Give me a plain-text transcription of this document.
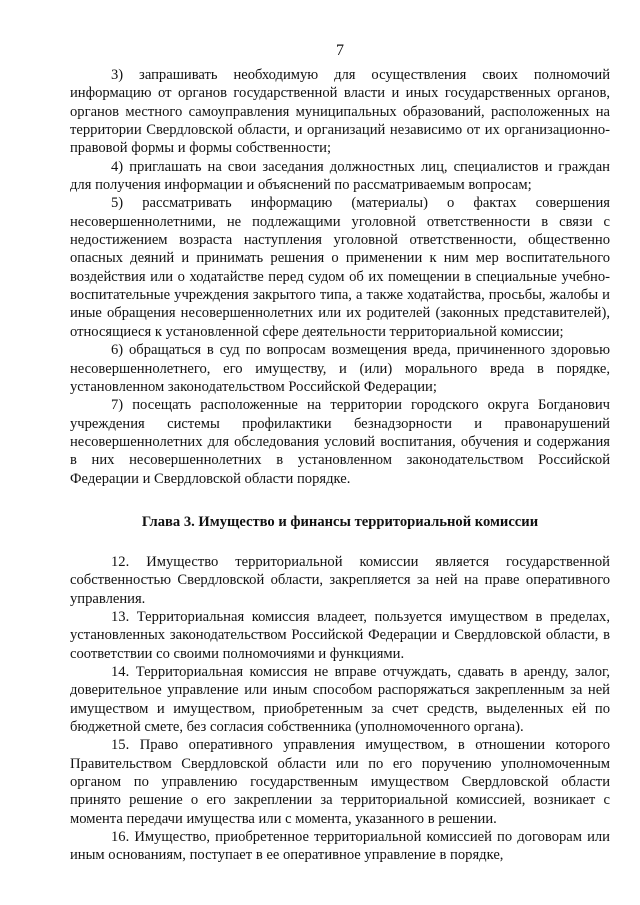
7

3) запрашивать необходимую для осуществления своих полномочий информацию от органов государственной власти и иных государственных органов, органов местного самоуправления муниципальных образований, расположенных на территории Свердловской области, и организаций независимо от их организационно-правовой формы и формы собственности;

4) приглашать на свои заседания должностных лиц, специалистов и граждан для получения информации и объяснений по рассматриваемым вопросам;

5) рассматривать информацию (материалы) о фактах совершения несовершеннолетними, не подлежащими уголовной ответственности в связи с недостижением возраста наступления уголовной ответственности, общественно опасных деяний и принимать решения о применении к ним мер воспитательного воздействия или о ходатайстве перед судом об их помещении в специальные учебно-воспитательные учреждения закрытого типа, а также ходатайства, просьбы, жалобы и иные обращения несовершеннолетних или их родителей (законных представителей), относящиеся к установленной сфере деятельности территориальной комиссии;

6) обращаться в суд по вопросам возмещения вреда, причиненного здоровью несовершеннолетнего, его имуществу, и (или) морального вреда в порядке, установленном законодательством Российской Федерации;

7) посещать расположенные на территории городского округа Богданович учреждения системы профилактики безнадзорности и правонарушений несовершеннолетних для обследования условий воспитания, обучения и содержания в них несовершеннолетних в установленном законодательством Российской Федерации и Свердловской области порядке.

Глава 3. Имущество и финансы территориальной комиссии

12. Имущество территориальной комиссии является государственной собственностью Свердловской области, закрепляется за ней на праве оперативного управления.

13. Территориальная комиссия владеет, пользуется имуществом в пределах, установленных законодательством Российской Федерации и Свердловской области, в соответствии со своими полномочиями и функциями.

14. Территориальная комиссия не вправе отчуждать, сдавать в аренду, залог, доверительное управление или иным способом распоряжаться закрепленным за ней имуществом и имуществом, приобретенным за счет средств, выделенных ей по бюджетной смете, без согласия собственника (уполномоченного органа).

15. Право оперативного управления имуществом, в отношении которого Правительством Свердловской области или по его поручению уполномоченным органом по управлению государственным имуществом Свердловской области принято решение о его закреплении за территориальной комиссией, возникает с момента передачи имущества или с момента, указанного в решении.

16. Имущество, приобретенное территориальной комиссией по договорам или иным основаниям, поступает в ее оперативное управление в порядке,
